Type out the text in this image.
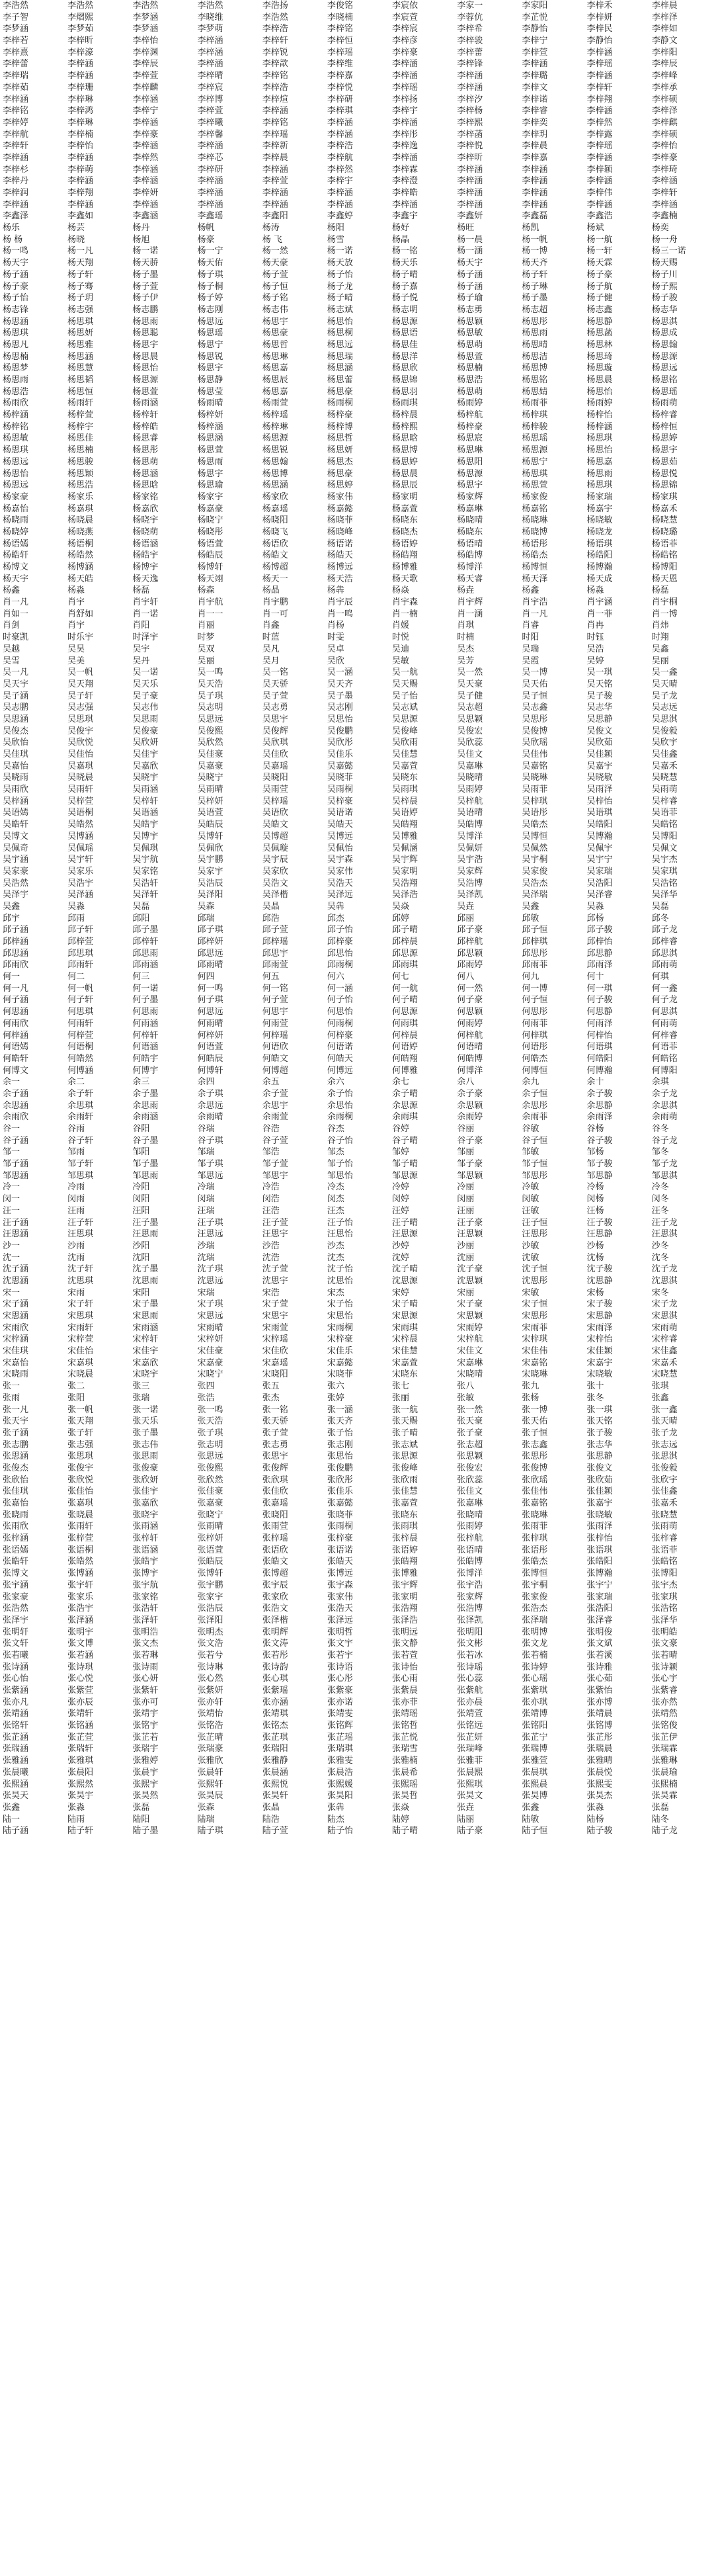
李浩然	李浩然	李浩然	李浩然	李浩扬	李俊铭	李宸依	李家一	李家阳	李梓禾	李梓晨
李子智	李熠熙	李梦涵	李晓维	李浩然	李晓楠	李宸萱	李蓉伉	李芷悦	李梓妍	李梓泽
李梦涵	李梦茹	李梦涵	李梦萌	李梓浩	李梓铭	李梓宸	李梓希	李静怡	李梓民	李梓如
李梓若	李梓昕	李梓怡	李梓涵	李梓轩	李梓恒	李梓彦	李梓骏	李梓宁	李静怡	李静文
李梓熹	李梓濠	李梓渊	李梓涵	李梓锐	李梓瑶	李梓豪	李梓蕾	李梓萱	李梓涵	李梓阳
李梓蕾	李梓涵	李梓辰	李梓涵	李梓歆	李梓维	李梓涵	李梓锋	李梓涵	李梓瑶	李梓辰
李梓瑞	李梓涵	李梓萱	李梓晴	李梓铭	李梓嘉	李梓涵	李梓涵	李梓璐	李梓涵	李梓峰
李梓茹	李梓珊	李梓麟	李梓宸	李梓浩	李梓悦	李梓瑶	李梓涵	李梓文	李梓轩	李梓承
李梓涵	李梓琳	李梓涵	李梓博	李梓煊	李梓研	李梓扬	李梓汐	李梓诺	李梓翔	李梓硕
李梓铭	李梓鸿	李梓宁	李梓萱	李梓涵	李梓琪	李梓宇	李梓杨	李梓睿	李梓涵	李梓泽
李梓婷	李梓琳	李梓涵	李梓曦	李梓铭	李梓涵	李梓涵	李梓熙	李梓奕	李梓然	李梓麒
李梓航	李梓楠	李梓豪	李梓馨	李梓瑶	李梓涵	李梓彤	李梓菡	李梓玥	李梓露	李梓硕
李梓轩	李梓怡	李梓涵	李梓涵	李梓新	李梓浩	李梓逸	李梓悦	李梓晨	李梓瑶	李梓怡
李梓涵	李梓涵	李梓然	李梓芯	李梓晨	李梓航	李梓涵	李梓昕	李梓嘉	李梓涵	李梓豪
李梓杉	李梓萌	李梓涵	李梓研	李梓涵	李梓然	李梓霖	李梓涵	李梓涵	李梓颖	李梓琦
李梓丹	李梓涵	李梓涵	李梓涵	李梓萱	李梓宇	李梓澄	李梓涵	李梓涵	李梓涵	李梓涵
李梓润	李梓翔	李梓妍	李梓涵	李梓涵	李梓涵	李梓皓	李梓涵	李梓涵	李梓伟	李梓轩
李梓涵	李梓涵	李梓涵	李梓涵	李梓涵	李梓涵	李梓涵	李梓涵	李梓涵	李梓涵	李梓涵
李鑫泽	李鑫如	李鑫涵	李鑫瑶	李鑫阳	李鑫婷	李鑫宇	李鑫妍	李鑫磊	李鑫浩	李鑫楠
杨乐	杨芸	杨丹	杨帆	杨涛	杨阳	杨好	杨旺	杨凯	杨斌	杨奕
杨 杨	杨晓	杨旭	杨豪	杨 飞	杨雪	杨晶	杨一晨	杨一帆	杨一航	杨一舟
杨一鸣	杨一凡	杨一诺	杨一宁	杨一然	杨一诺	杨一铭	杨一涵	杨一博	杨一轩	杨三一诺
杨天宇	杨天翔	杨天骄	杨天佑	杨天豪	杨天放	杨天乐	杨天宇	杨天齐	杨天霖	杨天赐
杨子涵	杨子轩	杨子墨	杨子琪	杨子萱	杨子怡	杨子晴	杨子涵	杨子轩	杨子豪	杨子川
杨子豪	杨子骞	杨子萱	杨子桐	杨子恒	杨子龙	杨子嘉	杨子涵	杨子琳	杨子航	杨子熙
杨子怡	杨子玥	杨子伊	杨子婷	杨子铭	杨子晴	杨子悦	杨子瑜	杨子墨	杨子健	杨子骏
杨志锋	杨志强	杨志鹏	杨志刚	杨志伟	杨志斌	杨志明	杨志勇	杨志超	杨志鑫	杨志华
杨思涵	杨思琪	杨思雨	杨思远	杨思宇	杨思怡	杨思源	杨思颖	杨思彤	杨思静	杨思淇
杨思琪	杨思妍	杨思聪	杨思瑶	杨思豪	杨思桐	杨思语	杨思敏	杨思雨	杨思菡	杨思成
杨思凡	杨思雅	杨思宇	杨思宁	杨思哲	杨思远	杨思佳	杨思萌	杨思晴	杨思林	杨思翰
杨思楠	杨思涵	杨思晨	杨思锐	杨思琳	杨思瑞	杨思洋	杨思萱	杨思洁	杨思琦	杨思源
杨思梦	杨思慧	杨思怡	杨思宇	杨思嘉	杨思涵	杨思欣	杨思楠	杨思博	杨思璇	杨思远
杨思雨	杨思韬	杨思源	杨思静	杨思辰	杨思蕾	杨思锦	杨思浩	杨思铭	杨思晨	杨思铭
杨思浩	杨思恒	杨思萱	杨思莹	杨思嘉	杨思豪	杨思羽	杨思萌	杨思婧	杨思怡	杨思瑶
杨雨欣	杨雨轩	杨雨涵	杨雨晴	杨雨萱	杨雨桐	杨雨琪	杨雨婷	杨雨菲	杨雨婷	杨雨萌
杨梓涵	杨梓萱	杨梓轩	杨梓妍	杨梓瑶	杨梓豪	杨梓晨	杨梓航	杨梓琪	杨梓怡	杨梓睿
杨梓铭	杨梓宇	杨梓皓	杨梓涵	杨梓琳	杨梓博	杨梓熙	杨梓豪	杨梓骏	杨梓涵	杨梓恒
杨思敏	杨思佳	杨思睿	杨思涵	杨思源	杨思哲	杨思晗	杨思宸	杨思瑶	杨思琪	杨思婷
杨思琪	杨思楠	杨思彤	杨思萱	杨思锐	杨思妍	杨思博	杨思琳	杨思源	杨思怡	杨思宇
杨思远	杨思骏	杨思萌	杨思雨	杨思翰	杨思杰	杨思婷	杨思阳	杨思宁	杨思嘉	杨思茹
杨思怡	杨思颖	杨思涵	杨思宇	杨思博	杨思豪	杨思晨	杨思源	杨思琪	杨思雨	杨思悦
杨思远	杨思浩	杨思晗	杨思瑜	杨思涵	杨思婷	杨思辰	杨思宇	杨思萱	杨思琪	杨思锦
杨家豪	杨家乐	杨家铭	杨家宇	杨家欣	杨家伟	杨家明	杨家辉	杨家俊	杨家瑞	杨家琪
杨嘉怡	杨嘉琪	杨嘉欣	杨嘉豪	杨嘉瑶	杨嘉懿	杨嘉萱	杨嘉琳	杨嘉铭	杨嘉宇	杨嘉禾
杨晓雨	杨晓晨	杨晓宇	杨晓宁	杨晓阳	杨晓菲	杨晓东	杨晓晴	杨晓琳	杨晓敏	杨晓慧
杨晓婷	杨晓燕	杨晓萌	杨晓彤	杨晓飞	杨晓峰	杨晓杰	杨晓东	杨晓博	杨晓龙	杨晓璐
杨语嫣	杨语桐	杨语涵	杨语萱	杨语欣	杨语诺	杨语婷	杨语晴	杨语彤	杨语琪	杨语菲
杨皓轩	杨皓然	杨皓宇	杨皓辰	杨皓文	杨皓天	杨皓翔	杨皓博	杨皓杰	杨皓阳	杨皓铭
杨博文	杨博涵	杨博宇	杨博轩	杨博超	杨博远	杨博雅	杨博洋	杨博恒	杨博瀚	杨博阳
杨天宇	杨天皓	杨天逸	杨天翊	杨天一	杨天浩	杨天歌	杨天睿	杨天泽	杨天成	杨天恩
杨鑫	杨淼	杨磊	杨森	杨晶	杨犇	杨焱	杨垚	杨鑫	杨淼	杨磊
肖一凡	肖宇	肖宇轩	肖宇航	肖宇鹏	肖宇辰	肖宇森	肖宇辉	肖宇浩	肖宇涵	肖宇桐
肖如一	肖舒如	肖一诺	肖一一	肖一可	肖一鸣	肖一楠	肖一涵	肖一凡	肖一菲	肖一博
肖剑	肖宇	肖阳	肖丽	肖鑫	肖杨	肖媛	肖琪	肖睿	肖冉	肖炜
时豪凯	时乐宇	时泽宇	时梦	时蓝	时雯	时悦	时楠	时阳	时钰	时翔
吴越	吴昊	吴宇	吴双	吴凡	吴卓	吴迪	吴杰	吴瑞	吴浩	吴鑫
吴雪	吴美	吴丹	吴丽	吴月	吴欣	吴敏	吴芳	吴霞	吴婷	吴丽
吴一凡	吴一帆	吴一诺	吴一鸣	吴一铭	吴一涵	吴一航	吴一然	吴一博	吴一琪	吴一鑫
吴天宇	吴天翔	吴天乐	吴天浩	吴天骄	吴天齐	吴天赐	吴天豪	吴天佑	吴天铭	吴天晴
吴子涵	吴子轩	吴子豪	吴子琪	吴子萱	吴子墨	吴子怡	吴子健	吴子恒	吴子骏	吴子龙
吴志鹏	吴志强	吴志伟	吴志明	吴志勇	吴志刚	吴志斌	吴志超	吴志鑫	吴志华	吴志远
吴思涵	吴思琪	吴思雨	吴思远	吴思宇	吴思怡	吴思源	吴思颖	吴思彤	吴思静	吴思淇
吴俊杰	吴俊宇	吴俊豪	吴俊熙	吴俊辉	吴俊鹏	吴俊峰	吴俊宏	吴俊博	吴俊文	吴俊毅
吴欣怡	吴欣悦	吴欣妍	吴欣然	吴欣琪	吴欣彤	吴欣雨	吴欣蕊	吴欣瑶	吴欣茹	吴欣宇
吴佳琪	吴佳怡	吴佳宇	吴佳豪	吴佳欣	吴佳乐	吴佳慧	吴佳文	吴佳伟	吴佳颖	吴佳鑫
吴嘉怡	吴嘉琪	吴嘉欣	吴嘉豪	吴嘉瑶	吴嘉懿	吴嘉萱	吴嘉琳	吴嘉铭	吴嘉宇	吴嘉禾
吴晓雨	吴晓晨	吴晓宇	吴晓宁	吴晓阳	吴晓菲	吴晓东	吴晓晴	吴晓琳	吴晓敏	吴晓慧
吴雨欣	吴雨轩	吴雨涵	吴雨晴	吴雨萱	吴雨桐	吴雨琪	吴雨婷	吴雨菲	吴雨泽	吴雨萌
吴梓涵	吴梓萱	吴梓轩	吴梓妍	吴梓瑶	吴梓豪	吴梓晨	吴梓航	吴梓琪	吴梓怡	吴梓睿
吴语嫣	吴语桐	吴语涵	吴语萱	吴语欣	吴语诺	吴语婷	吴语晴	吴语彤	吴语琪	吴语菲
吴皓轩	吴皓然	吴皓宇	吴皓辰	吴皓文	吴皓天	吴皓翔	吴皓博	吴皓杰	吴皓阳	吴皓铭
吴博文	吴博涵	吴博宇	吴博轩	吴博超	吴博远	吴博雅	吴博洋	吴博恒	吴博瀚	吴博阳
吴佩奇	吴佩瑶	吴佩琪	吴佩欣	吴佩璇	吴佩怡	吴佩涵	吴佩妍	吴佩然	吴佩宇	吴佩文
吴宇涵	吴宇轩	吴宇航	吴宇鹏	吴宇辰	吴宇森	吴宇辉	吴宇浩	吴宇桐	吴宇宁	吴宇杰
吴家豪	吴家乐	吴家铭	吴家宇	吴家欣	吴家伟	吴家明	吴家辉	吴家俊	吴家瑞	吴家琪
吴浩然	吴浩宇	吴浩轩	吴浩辰	吴浩文	吴浩天	吴浩翔	吴浩博	吴浩杰	吴浩阳	吴浩铭
吴泽宇	吴泽涵	吴泽轩	吴泽阳	吴泽楷	吴泽远	吴泽浩	吴泽凯	吴泽瑞	吴泽睿	吴泽华
吴鑫	吴淼	吴磊	吴森	吴晶	吴犇	吴焱	吴垚	吴鑫	吴淼	吴磊
邱宇	邱雨	邱阳	邱瑞	邱浩	邱杰	邱婷	邱丽	邱敏	邱杨	邱冬
邱子涵	邱子轩	邱子墨	邱子琪	邱子萱	邱子怡	邱子晴	邱子豪	邱子恒	邱子骏	邱子龙
邱梓涵	邱梓萱	邱梓轩	邱梓妍	邱梓瑶	邱梓豪	邱梓晨	邱梓航	邱梓琪	邱梓怡	邱梓睿
邱思涵	邱思琪	邱思雨	邱思远	邱思宇	邱思怡	邱思源	邱思颖	邱思彤	邱思静	邱思淇
邱雨欣	邱雨轩	邱雨涵	邱雨晴	邱雨萱	邱雨桐	邱雨琪	邱雨婷	邱雨菲	邱雨泽	邱雨萌
何一	何二	何三	何四	何五	何六	何七	何八	何九	何十	何琪
何一凡	何一帆	何一诺	何一鸣	何一铭	何一涵	何一航	何一然	何一博	何一琪	何一鑫
何子涵	何子轩	何子墨	何子琪	何子萱	何子怡	何子晴	何子豪	何子恒	何子骏	何子龙
何思涵	何思琪	何思雨	何思远	何思宇	何思怡	何思源	何思颖	何思彤	何思静	何思淇
何雨欣	何雨轩	何雨涵	何雨晴	何雨萱	何雨桐	何雨琪	何雨婷	何雨菲	何雨泽	何雨萌
何梓涵	何梓萱	何梓轩	何梓妍	何梓瑶	何梓豪	何梓晨	何梓航	何梓琪	何梓怡	何梓睿
何语嫣	何语桐	何语涵	何语萱	何语欣	何语诺	何语婷	何语晴	何语彤	何语琪	何语菲
何皓轩	何皓然	何皓宇	何皓辰	何皓文	何皓天	何皓翔	何皓博	何皓杰	何皓阳	何皓铭
何博文	何博涵	何博宇	何博轩	何博超	何博远	何博雅	何博洋	何博恒	何博瀚	何博阳
余一	余二	余三	余四	余五	余六	余七	余八	余九	余十	余琪
余子涵	余子轩	余子墨	余子琪	余子萱	余子怡	余子晴	余子豪	余子恒	余子骏	余子龙
余思涵	余思琪	余思雨	余思远	余思宇	余思怡	余思源	余思颖	余思彤	余思静	余思淇
余雨欣	余雨轩	余雨涵	余雨晴	余雨萱	余雨桐	余雨琪	余雨婷	余雨菲	余雨泽	余雨萌
谷一	谷雨	谷阳	谷瑞	谷浩	谷杰	谷婷	谷丽	谷敏	谷杨	谷冬
谷子涵	谷子轩	谷子墨	谷子琪	谷子萱	谷子怡	谷子晴	谷子豪	谷子恒	谷子骏	谷子龙
邹一	邹雨	邹阳	邹瑞	邹浩	邹杰	邹婷	邹丽	邹敏	邹杨	邹冬
邹子涵	邹子轩	邹子墨	邹子琪	邹子萱	邹子怡	邹子晴	邹子豪	邹子恒	邹子骏	邹子龙
邹思涵	邹思琪	邹思雨	邹思远	邹思宇	邹思怡	邹思源	邹思颖	邹思彤	邹思静	邹思淇
冷一	冷雨	冷阳	冷瑞	冷浩	冷杰	冷婷	冷丽	冷敏	冷杨	冷冬
闵一	闵雨	闵阳	闵瑞	闵浩	闵杰	闵婷	闵丽	闵敏	闵杨	闵冬
汪一	汪雨	汪阳	汪瑞	汪浩	汪杰	汪婷	汪丽	汪敏	汪杨	汪冬
汪子涵	汪子轩	汪子墨	汪子琪	汪子萱	汪子怡	汪子晴	汪子豪	汪子恒	汪子骏	汪子龙
汪思涵	汪思琪	汪思雨	汪思远	汪思宇	汪思怡	汪思源	汪思颖	汪思彤	汪思静	汪思淇
沙一	沙雨	沙阳	沙瑞	沙浩	沙杰	沙婷	沙丽	沙敏	沙杨	沙冬
沈一	沈雨	沈阳	沈瑞	沈浩	沈杰	沈婷	沈丽	沈敏	沈杨	沈冬
沈子涵	沈子轩	沈子墨	沈子琪	沈子萱	沈子怡	沈子晴	沈子豪	沈子恒	沈子骏	沈子龙
沈思涵	沈思琪	沈思雨	沈思远	沈思宇	沈思怡	沈思源	沈思颖	沈思彤	沈思静	沈思淇
宋一	宋雨	宋阳	宋瑞	宋浩	宋杰	宋婷	宋丽	宋敏	宋杨	宋冬
宋子涵	宋子轩	宋子墨	宋子琪	宋子萱	宋子怡	宋子晴	宋子豪	宋子恒	宋子骏	宋子龙
宋思涵	宋思琪	宋思雨	宋思远	宋思宇	宋思怡	宋思源	宋思颖	宋思彤	宋思静	宋思淇
宋雨欣	宋雨轩	宋雨涵	宋雨晴	宋雨萱	宋雨桐	宋雨琪	宋雨婷	宋雨菲	宋雨泽	宋雨萌
宋梓涵	宋梓萱	宋梓轩	宋梓妍	宋梓瑶	宋梓豪	宋梓晨	宋梓航	宋梓琪	宋梓怡	宋梓睿
宋佳琪	宋佳怡	宋佳宇	宋佳豪	宋佳欣	宋佳乐	宋佳慧	宋佳文	宋佳伟	宋佳颖	宋佳鑫
宋嘉怡	宋嘉琪	宋嘉欣	宋嘉豪	宋嘉瑶	宋嘉懿	宋嘉萱	宋嘉琳	宋嘉铭	宋嘉宇	宋嘉禾
宋晓雨	宋晓晨	宋晓宇	宋晓宁	宋晓阳	宋晓菲	宋晓东	宋晓晴	宋晓琳	宋晓敏	宋晓慧
张一	张二	张三	张四	张五	张六	张七	张八	张九	张十	张琪
张雨	张阳	张瑞	张浩	张杰	张婷	张丽	张敏	张杨	张冬	张鑫
张一凡	张一帆	张一诺	张一鸣	张一铭	张一涵	张一航	张一然	张一博	张一琪	张一鑫
张天宇	张天翔	张天乐	张天浩	张天骄	张天齐	张天赐	张天豪	张天佑	张天铭	张天晴
张子涵	张子轩	张子墨	张子琪	张子萱	张子怡	张子晴	张子豪	张子恒	张子骏	张子龙
张志鹏	张志强	张志伟	张志明	张志勇	张志刚	张志斌	张志超	张志鑫	张志华	张志远
张思涵	张思琪	张思雨	张思远	张思宇	张思怡	张思源	张思颖	张思彤	张思静	张思淇
张俊杰	张俊宇	张俊豪	张俊熙	张俊辉	张俊鹏	张俊峰	张俊宏	张俊博	张俊文	张俊毅
张欣怡	张欣悦	张欣妍	张欣然	张欣琪	张欣彤	张欣雨	张欣蕊	张欣瑶	张欣茹	张欣宇
张佳琪	张佳怡	张佳宇	张佳豪	张佳欣	张佳乐	张佳慧	张佳文	张佳伟	张佳颖	张佳鑫
张嘉怡	张嘉琪	张嘉欣	张嘉豪	张嘉瑶	张嘉懿	张嘉萱	张嘉琳	张嘉铭	张嘉宇	张嘉禾
张晓雨	张晓晨	张晓宇	张晓宁	张晓阳	张晓菲	张晓东	张晓晴	张晓琳	张晓敏	张晓慧
张雨欣	张雨轩	张雨涵	张雨晴	张雨萱	张雨桐	张雨琪	张雨婷	张雨菲	张雨泽	张雨萌
张梓涵	张梓萱	张梓轩	张梓妍	张梓瑶	张梓豪	张梓晨	张梓航	张梓琪	张梓怡	张梓睿
张语嫣	张语桐	张语涵	张语萱	张语欣	张语诺	张语婷	张语晴	张语彤	张语琪	张语菲
张皓轩	张皓然	张皓宇	张皓辰	张皓文	张皓天	张皓翔	张皓博	张皓杰	张皓阳	张皓铭
张博文	张博涵	张博宇	张博轩	张博超	张博远	张博雅	张博洋	张博恒	张博瀚	张博阳
张宇涵	张宇轩	张宇航	张宇鹏	张宇辰	张宇森	张宇辉	张宇浩	张宇桐	张宇宁	张宇杰
张家豪	张家乐	张家铭	张家宇	张家欣	张家伟	张家明	张家辉	张家俊	张家瑞	张家琪
张浩然	张浩宇	张浩轩	张浩辰	张浩文	张浩天	张浩翔	张浩博	张浩杰	张浩阳	张浩铭
张泽宇	张泽涵	张泽轩	张泽阳	张泽楷	张泽远	张泽浩	张泽凯	张泽瑞	张泽睿	张泽华
张明轩	张明宇	张明浩	张明杰	张明辉	张明哲	张明远	张明阳	张明博	张明俊	张明皓
张文轩	张文博	张文杰	张文浩	张文涛	张文宇	张文静	张文彬	张文龙	张文斌	张文豪
张若曦	张若涵	张若琳	张若兮	张若彤	张若宇	张若萱	张若冰	张若楠	张若溪	张若晴
张诗涵	张诗琪	张诗雨	张诗琳	张诗韵	张诗语	张诗怡	张诗瑶	张诗婷	张诗雅	张诗颖
张心怡	张心悦	张心妍	张心然	张心琪	张心彤	张心雨	张心蕊	张心瑶	张心茹	张心宇
张紫涵	张紫萱	张紫轩	张紫妍	张紫瑶	张紫豪	张紫晨	张紫航	张紫琪	张紫怡	张紫睿
张亦凡	张亦辰	张亦可	张亦轩	张亦涵	张亦诺	张亦菲	张亦晨	张亦琪	张亦博	张亦然
张靖涵	张靖轩	张靖宇	张靖怡	张靖琪	张靖雯	张靖瑶	张靖萱	张靖博	张靖晨	张靖然
张铭轩	张铭涵	张铭宇	张铭浩	张铭杰	张铭辉	张铭哲	张铭远	张铭阳	张铭博	张铭俊
张芷涵	张芷萱	张芷若	张芷晴	张芷琪	张芷瑶	张芷悦	张芷妍	张芷宁	张芷彤	张芷伊
张瑞涵	张瑞轩	张瑞宇	张瑞豪	张瑞阳	张瑞琪	张瑞雪	张瑞峰	张瑞博	张瑞晨	张瑞霖
张雅涵	张雅琪	张雅婷	张雅欣	张雅静	张雅雯	张雅楠	张雅菲	张雅萱	张雅晴	张雅琳
张晨曦	张晨阳	张晨宇	张晨轩	张晨涵	张晨浩	张晨希	张晨熙	张晨琪	张晨悦	张晨瑜
张熙涵	张熙然	张熙宇	张熙轩	张熙悦	张熙媛	张熙瑶	张熙琪	张熙晨	张熙雯	张熙楠
张昊天	张昊宇	张昊然	张昊辰	张昊轩	张昊阳	张昊哲	张昊文	张昊博	张昊杰	张昊霖
张鑫	张淼	张磊	张森	张晶	张犇	张焱	张垚	张鑫	张淼	张磊
陆一	陆雨	陆阳	陆瑞	陆浩	陆杰	陆婷	陆丽	陆敏	陆杨	陆冬
陆子涵	陆子轩	陆子墨	陆子琪	陆子萱	陆子怡	陆子晴	陆子豪	陆子恒	陆子骏	陆子龙
